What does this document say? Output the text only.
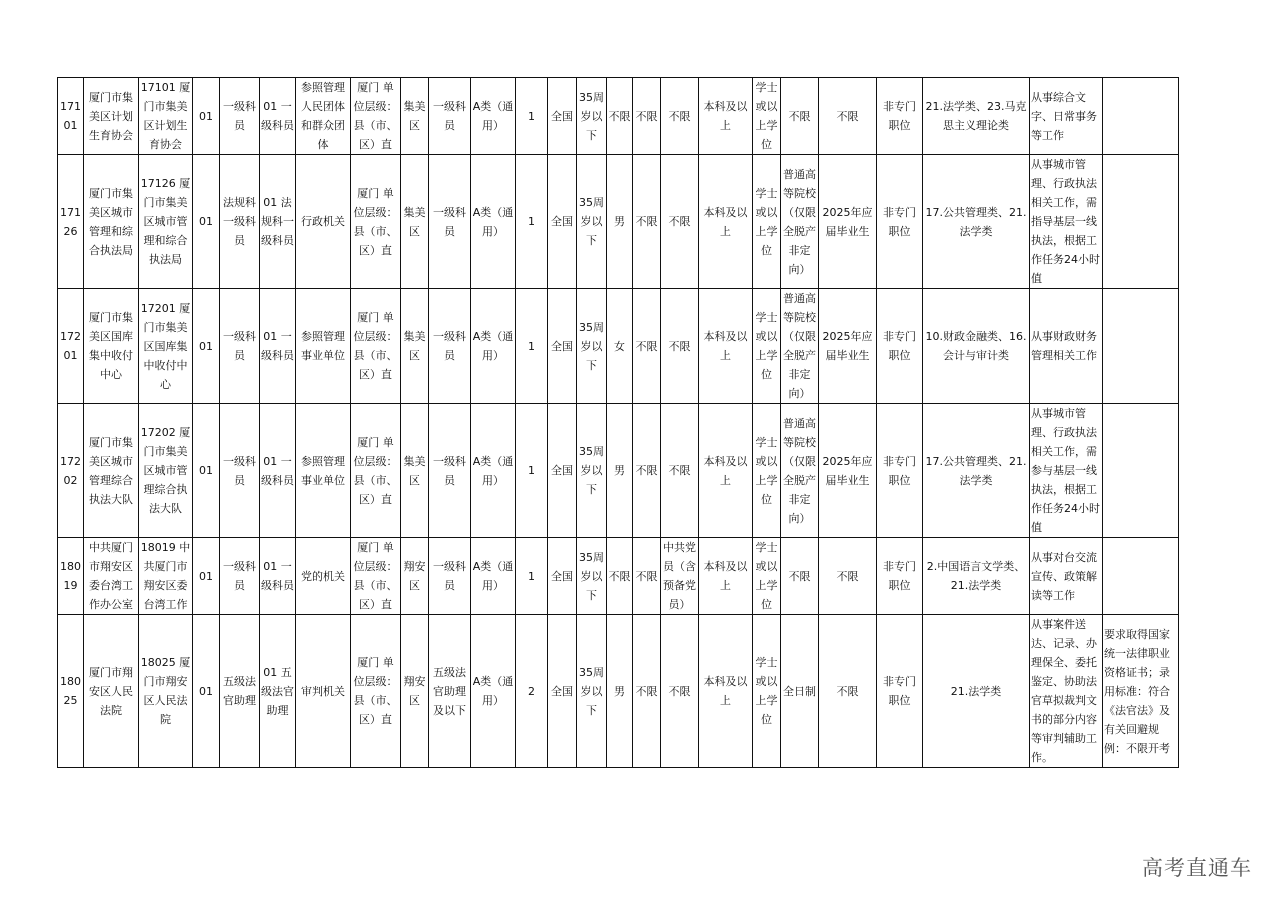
17101	厦门市集美区计划生育协会	17101 厦门市集美区计划生育协会	01	一级科员	01 一级科员	参照管理人民团体和群众团体	厦门 单位层级：县（市、区）直	集美区	一级科员	A类（通用）	1	全国	35周岁以下	不限	不限	不限	本科及以上	学士或以上学位	不限	不限	非专门职位	21.法学类、23.马克思主义理论类	从事综合文字、日常事务等工作	
17126	厦门市集美区城市管理和综合执法局	17126 厦门市集美区城市管理和综合执法局	01	法规科一级科员	01 法规科一级科员	行政机关	厦门 单位层级：县（市、区）直	集美区	一级科员	A类（通用）	1	全国	35周岁以下	男	不限	不限	本科及以上	学士或以上学位	普通高等院校（仅限全脱产非定向）	2025年应届毕业生	非专门职位	17.公共管理类、21.法学类	从事城市管理、行政执法相关工作，需指导基层一线执法，根据工作任务24小时值	
17201	厦门市集美区国库集中收付中心	17201 厦门市集美区国库集中收付中心	01	一级科员	01 一级科员	参照管理事业单位	厦门 单位层级：县（市、区）直	集美区	一级科员	A类（通用）	1	全国	35周岁以下	女	不限	不限	本科及以上	学士或以上学位	普通高等院校（仅限全脱产非定向）	2025年应届毕业生	非专门职位	10.财政金融类、16.会计与审计类	从事财政财务管理相关工作	
17202	厦门市集美区城市管理综合执法大队	17202 厦门市集美区城市管理综合执法大队	01	一级科员	01 一级科员	参照管理事业单位	厦门 单位层级：县（市、区）直	集美区	一级科员	A类（通用）	1	全国	35周岁以下	男	不限	不限	本科及以上	学士或以上学位	普通高等院校（仅限全脱产非定向）	2025年应届毕业生	非专门职位	17.公共管理类、21.法学类	从事城市管理、行政执法相关工作，需参与基层一线执法，根据工作任务24小时值	
18019	中共厦门市翔安区委台湾工作办公室	18019 中共厦门市翔安区委台湾工作	01	一级科员	01 一级科员	党的机关	厦门 单位层级：县（市、区）直	翔安区	一级科员	A类（通用）	1	全国	35周岁以下	不限	不限	中共党员（含预备党员）	本科及以上	学士或以上学位	不限	不限	非专门职位	2.中国语言文学类、21.法学类	从事对台交流宣传、政策解读等工作	
18025	厦门市翔安区人民法院	18025 厦门市翔安区人民法院	01	五级法官助理	01 五级法官助理	审判机关	厦门 单位层级：县（市、区）直	翔安区	五级法官助理及以下	A类（通用）	2	全国	35周岁以下	男	不限	不限	本科及以上	学士或以上学位	全日制	不限	非专门职位	21.法学类	从事案件送达、记录、办理保全、委托鉴定、协助法官草拟裁判文书的部分内容等审判辅助工作。	要求取得国家统一法律职业资格证书；录用标准：符合《法官法》及有关回避规例：不限开考
高考直通车
